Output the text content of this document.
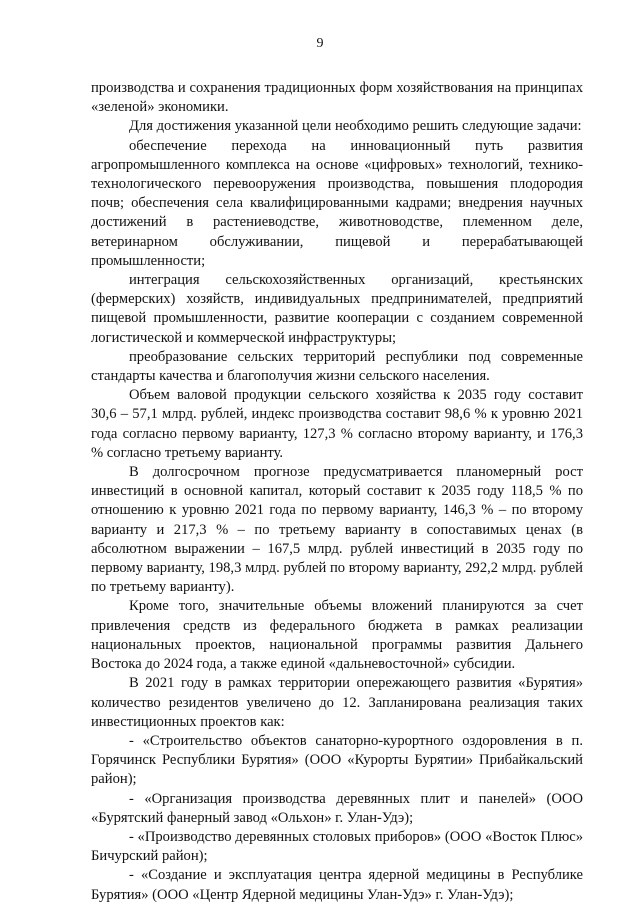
9

производства и сохранения традиционных форм хозяйствования на принципах «зеленой» экономики.

Для достижения указанной цели необходимо решить следующие задачи:

обеспечение перехода на инновационный путь развития агропромышленного комплекса на основе «цифровых» технологий, технико-технологического перевооружения производства, повышения плодородия почв; обеспечения села квалифицированными кадрами; внедрения научных достижений в растениеводстве, животноводстве, племенном деле, ветеринарном обслуживании, пищевой и перерабатывающей промышленности;

интеграция сельскохозяйственных организаций, крестьянских (фермерских) хозяйств, индивидуальных предпринимателей, предприятий пищевой промышленности, развитие кооперации с созданием современной логистической и коммерческой инфраструктуры;

преобразование сельских территорий республики под современные стандарты качества и благополучия жизни сельского населения.

Объем валовой продукции сельского хозяйства к 2035 году составит 30,6 – 57,1 млрд. рублей, индекс производства составит 98,6 % к уровню 2021 года согласно первому варианту, 127,3 % согласно второму варианту, и 176,3 % согласно третьему варианту.

В долгосрочном прогнозе предусматривается планомерный рост инвестиций в основной капитал, который составит к 2035 году 118,5 % по отношению к уровню 2021 года по первому варианту, 146,3 % – по второму варианту и 217,3 % – по третьему варианту в сопоставимых ценах (в абсолютном выражении – 167,5 млрд. рублей инвестиций в 2035 году по первому варианту, 198,3 млрд. рублей по второму варианту, 292,2 млрд. рублей по третьему варианту).

Кроме того, значительные объемы вложений планируются за счет привлечения средств из федерального бюджета в рамках реализации национальных проектов, национальной программы развития Дальнего Востока до 2024 года, а также единой «дальневосточной» субсидии.

В 2021 году в рамках территории опережающего развития «Бурятия» количество резидентов увеличено до 12. Запланирована реализация таких инвестиционных проектов как:

- «Строительство объектов санаторно-курортного оздоровления в п. Горячинск Республики Бурятия» (ООО «Курорты Бурятии» Прибайкальский район);

- «Организация производства деревянных плит и панелей» (ООО «Бурятский фанерный завод «Ольхон» г. Улан-Удэ);

- «Производство деревянных столовых приборов» (ООО «Восток Плюс» Бичурский район);

- «Создание и эксплуатация центра ядерной медицины в Республике Бурятия» (ООО «Центр Ядерной медицины Улан-Удэ» г. Улан-Удэ);
